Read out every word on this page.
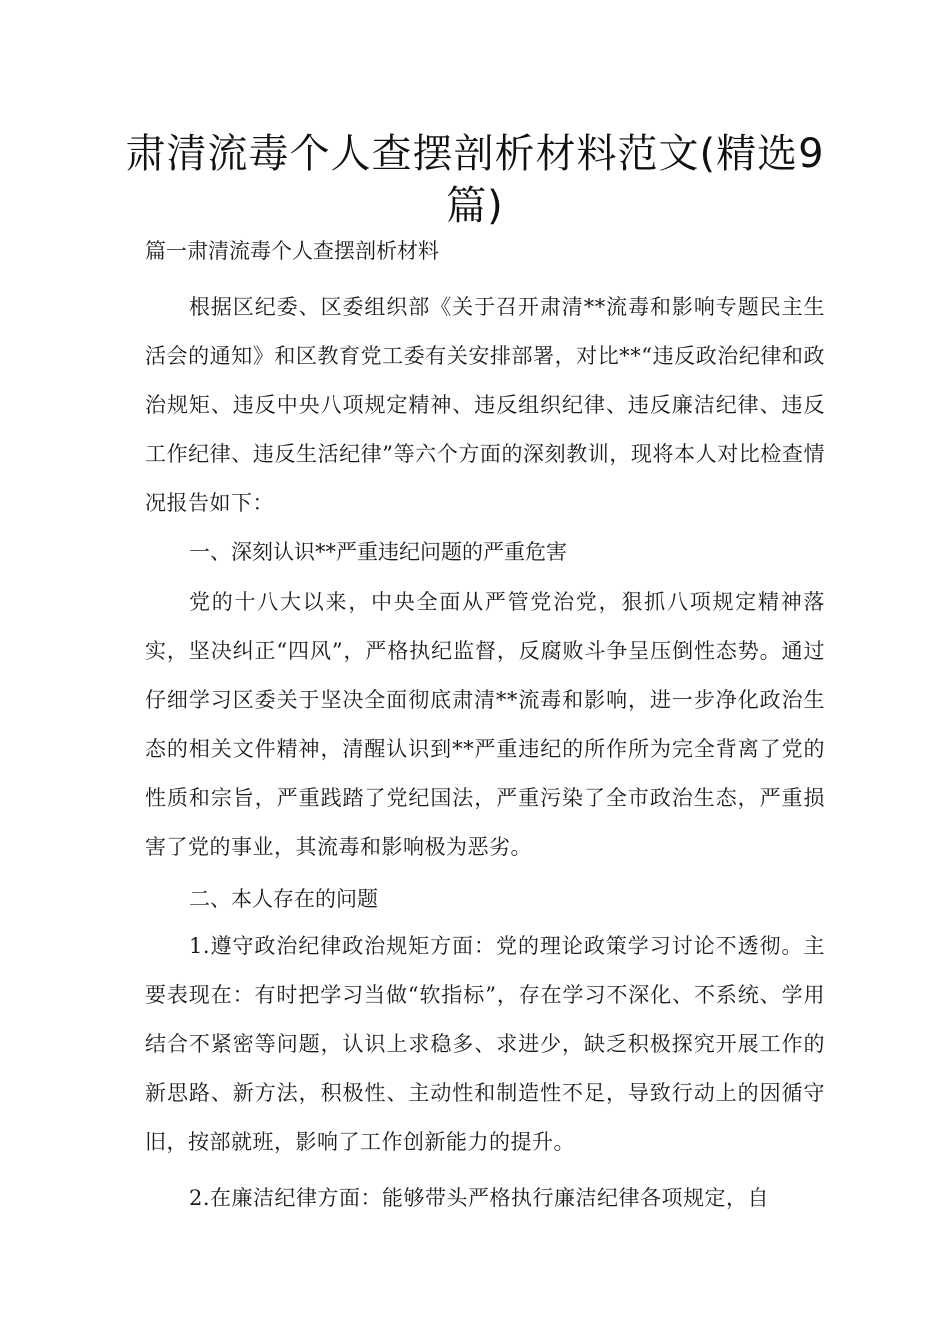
肃清流毒个人查摆剖析材料范文(精选9篇)

篇一肃清流毒个人查摆剖析材料

根据区纪委、区委组织部《关于召开肃清**流毒和影响专题民主生活会的通知》和区教育党工委有关安排部署，对比**“违反政治纪律和政治规矩、违反中央八项规定精神、违反组织纪律、违反廉洁纪律、违反工作纪律、违反生活纪律”等六个方面的深刻教训，现将本人对比检查情况报告如下：

一、深刻认识**严重违纪问题的严重危害

党的十八大以来，中央全面从严管党治党，狠抓八项规定精神落实，坚决纠正“四风”，严格执纪监督，反腐败斗争呈压倒性态势。通过仔细学习区委关于坚决全面彻底肃清**流毒和影响，进一步净化政治生态的相关文件精神，清醒认识到**严重违纪的所作所为完全背离了党的性质和宗旨，严重践踏了党纪国法，严重污染了全市政治生态，严重损害了党的事业，其流毒和影响极为恶劣。

二、本人存在的问题

1.遵守政治纪律政治规矩方面：党的理论政策学习讨论不透彻。主要表现在：有时把学习当做“软指标”，存在学习不深化、不系统、学用结合不紧密等问题，认识上求稳多、求进少，缺乏积极探究开展工作的新思路、新方法，积极性、主动性和制造性不足，导致行动上的因循守旧，按部就班，影响了工作创新能力的提升。

2.在廉洁纪律方面：能够带头严格执行廉洁纪律各项规定，自
